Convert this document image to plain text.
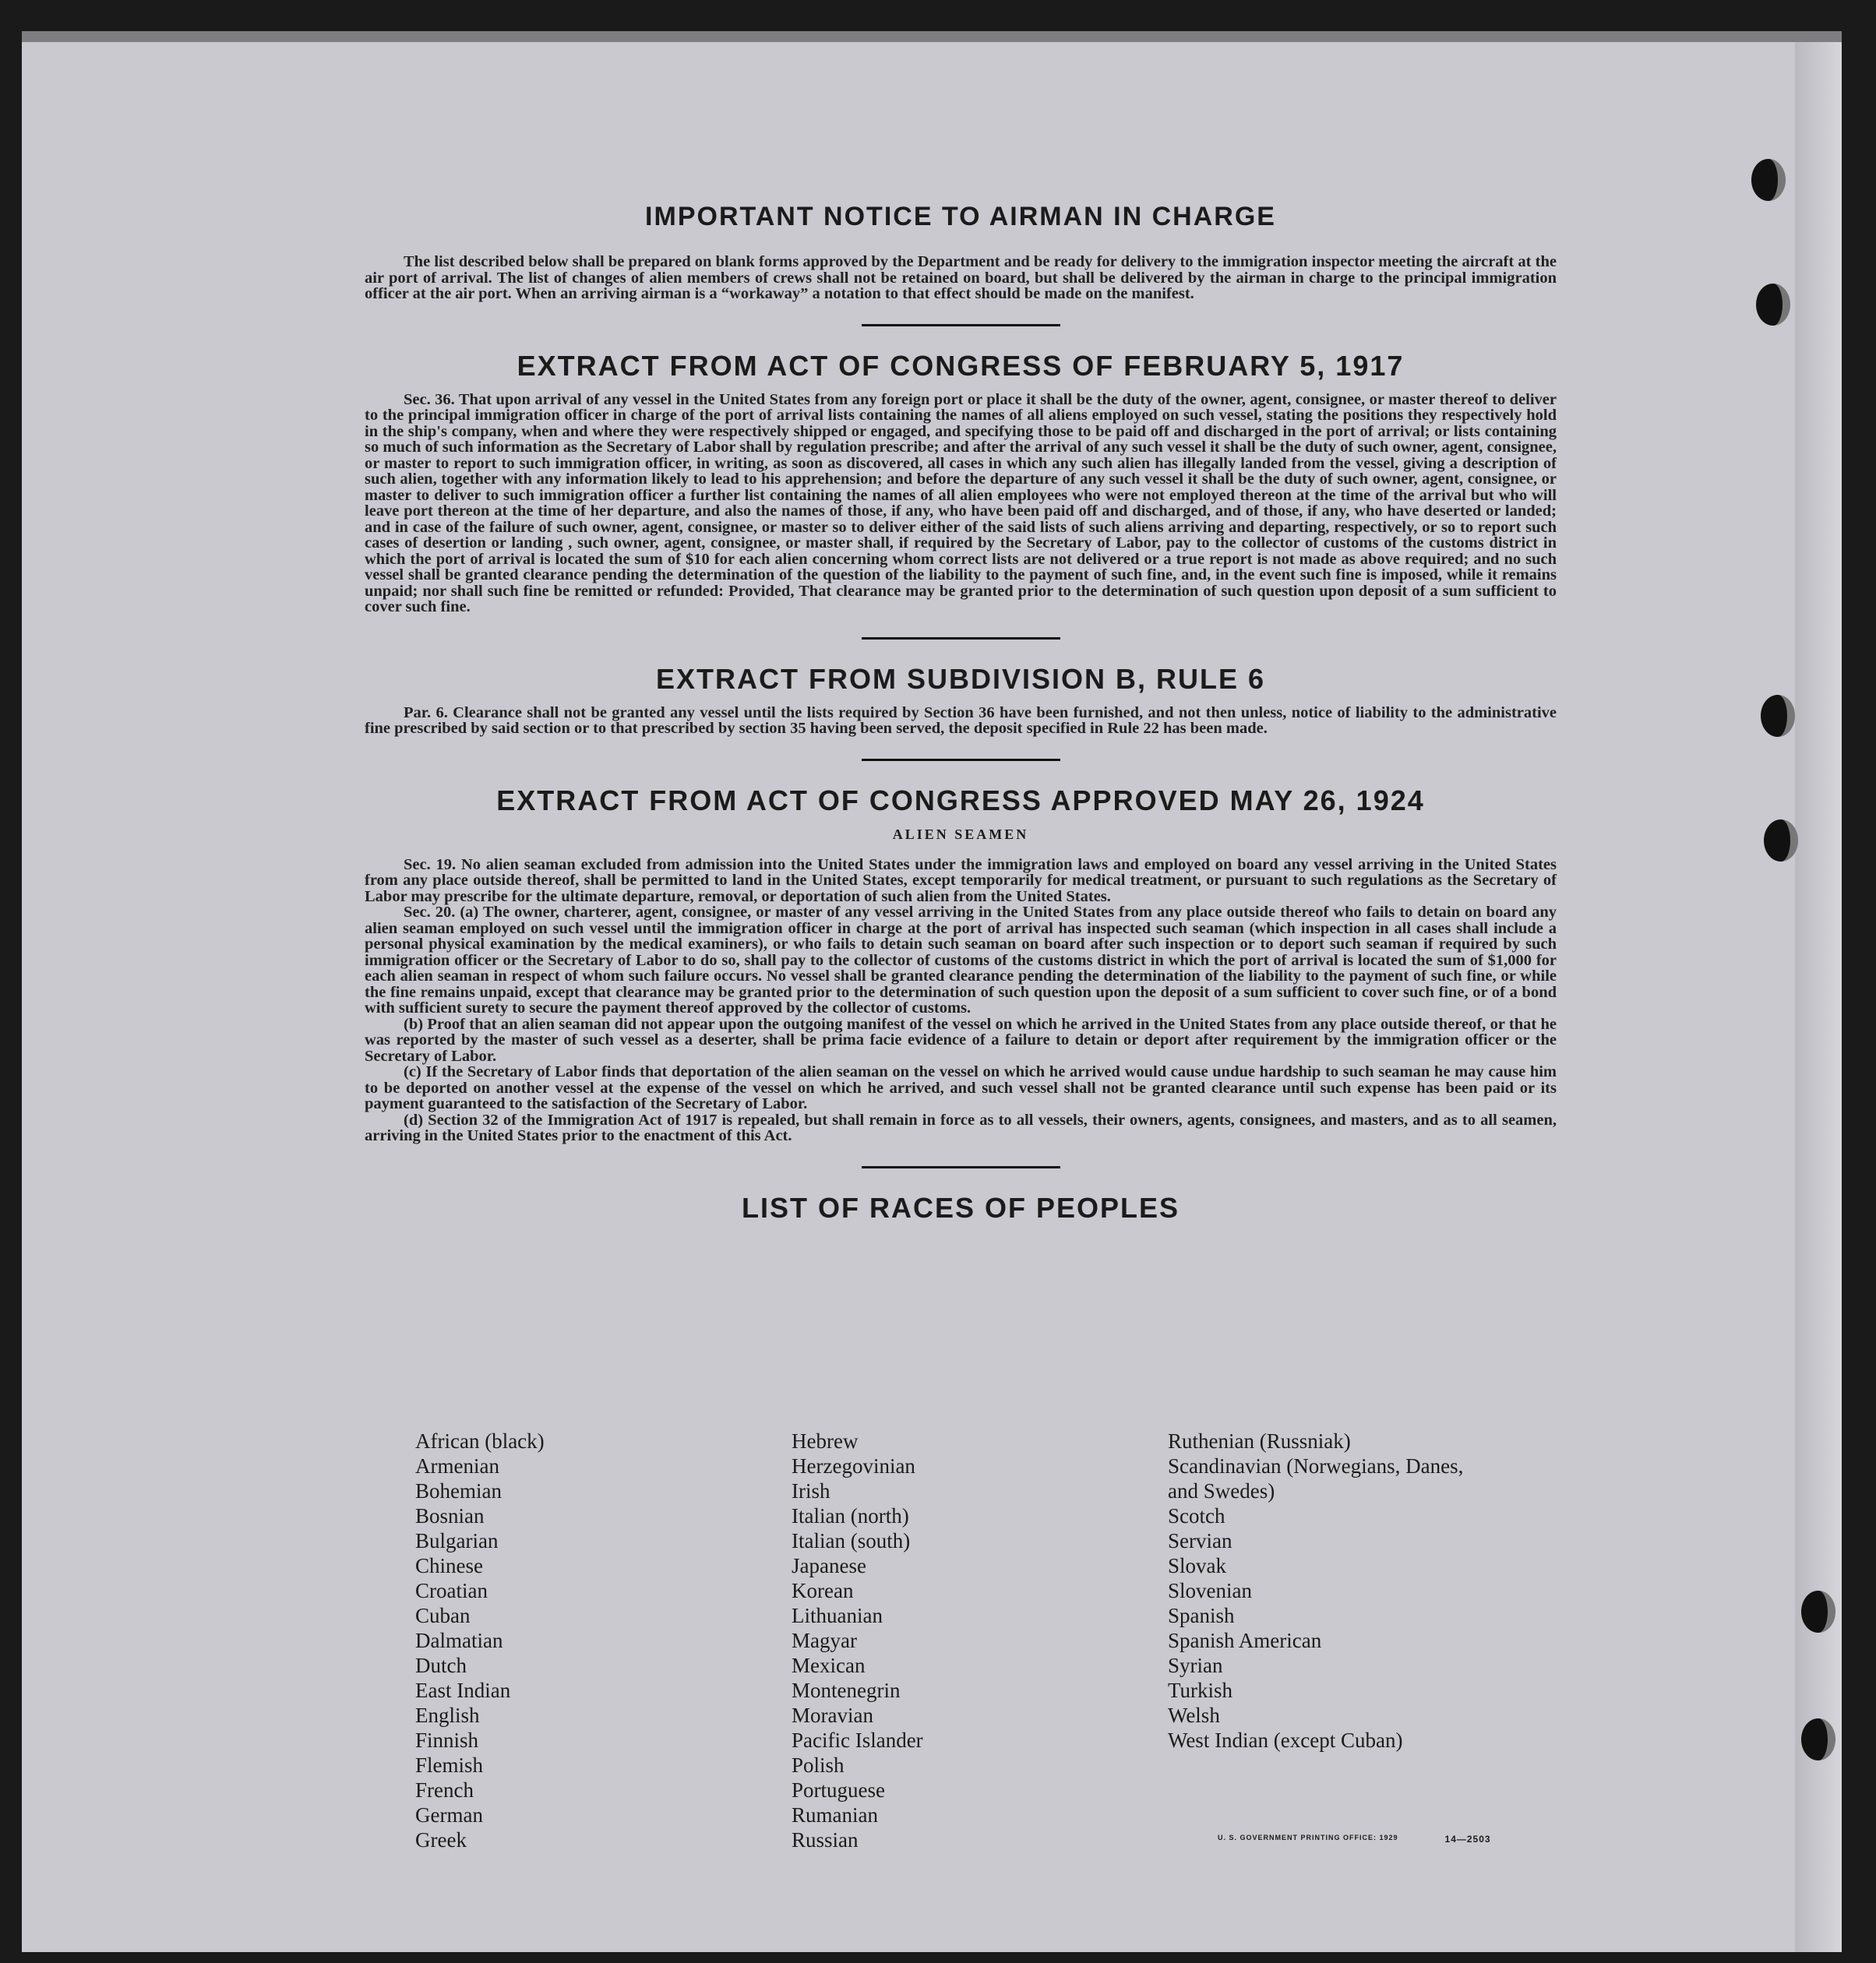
IMPORTANT NOTICE TO AIRMAN IN CHARGE

The list described below shall be prepared on blank forms approved by the Department and be ready for delivery to the immigration inspector meeting the aircraft at the air port of arrival. The list of changes of alien members of crews shall not be retained on board, but shall be delivered by the airman in charge to the principal immigration officer at the air port. When an arriving airman is a “workaway” a notation to that effect should be made on the manifest.

EXTRACT FROM ACT OF CONGRESS OF FEBRUARY 5, 1917

Sec. 36. That upon arrival of any vessel in the United States from any foreign port or place it shall be the duty of the owner, agent, consignee, or master thereof to deliver to the principal immigration officer in charge of the port of arrival lists containing the names of all aliens employed on such vessel, stating the positions they respectively hold in the ship's company, when and where they were respectively shipped or engaged, and specifying those to be paid off and discharged in the port of arrival; or lists containing so much of such information as the Secretary of Labor shall by regulation prescribe; and after the arrival of any such vessel it shall be the duty of such owner, agent, consignee, or master to report to such immigration officer, in writing, as soon as discovered, all cases in which any such alien has illegally landed from the vessel, giving a description of such alien, together with any information likely to lead to his apprehension; and before the departure of any such vessel it shall be the duty of such owner, agent, consignee, or master to deliver to such immigration officer a further list containing the names of all alien employees who were not employed thereon at the time of the arrival but who will leave port thereon at the time of her departure, and also the names of those, if any, who have been paid off and discharged, and of those, if any, who have deserted or landed; and in case of the failure of such owner, agent, consignee, or master so to deliver either of the said lists of such aliens arriving and departing, respectively, or so to report such cases of desertion or landing , such owner, agent, consignee, or master shall, if required by the Secretary of Labor, pay to the collector of customs of the customs district in which the port of arrival is located the sum of $10 for each alien concerning whom correct lists are not delivered or a true report is not made as above required; and no such vessel shall be granted clearance pending the determination of the question of the liability to the payment of such fine, and, in the event such fine is imposed, while it remains unpaid; nor shall such fine be remitted or refunded: Provided, That clearance may be granted prior to the determination of such question upon deposit of a sum sufficient to cover such fine.

EXTRACT FROM SUBDIVISION B, RULE 6

Par. 6. Clearance shall not be granted any vessel until the lists required by Section 36 have been furnished, and not then unless, notice of liability to the administrative fine prescribed by said section or to that prescribed by section 35 having been served, the deposit specified in Rule 22 has been made.

EXTRACT FROM ACT OF CONGRESS APPROVED MAY 26, 1924
ALIEN SEAMEN

Sec. 19. No alien seaman excluded from admission into the United States under the immigration laws and employed on board any vessel arriving in the United States from any place outside thereof, shall be permitted to land in the United States, except temporarily for medical treatment, or pursuant to such regulations as the Secretary of Labor may prescribe for the ultimate departure, removal, or deportation of such alien from the United States.

Sec. 20. (a) The owner, charterer, agent, consignee, or master of any vessel arriving in the United States from any place outside thereof who fails to detain on board any alien seaman employed on such vessel until the immigration officer in charge at the port of arrival has inspected such seaman (which inspection in all cases shall include a personal physical examination by the medical examiners), or who fails to detain such seaman on board after such inspection or to deport such seaman if required by such immigration officer or the Secretary of Labor to do so, shall pay to the collector of customs of the customs district in which the port of arrival is located the sum of $1,000 for each alien seaman in respect of whom such failure occurs. No vessel shall be granted clearance pending the determination of the liability to the payment of such fine, or while the fine remains unpaid, except that clearance may be granted prior to the determination of such question upon the deposit of a sum sufficient to cover such fine, or of a bond with sufficient surety to secure the payment thereof approved by the collector of customs.

(b) Proof that an alien seaman did not appear upon the outgoing manifest of the vessel on which he arrived in the United States from any place outside thereof, or that he was reported by the master of such vessel as a deserter, shall be prima facie evidence of a failure to detain or deport after requirement by the immigration officer or the Secretary of Labor.

(c) If the Secretary of Labor finds that deportation of the alien seaman on the vessel on which he arrived would cause undue hardship to such seaman he may cause him to be deported on another vessel at the expense of the vessel on which he arrived, and such vessel shall not be granted clearance until such expense has been paid or its payment guaranteed to the satisfaction of the Secretary of Labor.

(d) Section 32 of the Immigration Act of 1917 is repealed, but shall remain in force as to all vessels, their owners, agents, consignees, and masters, and as to all seamen, arriving in the United States prior to the enactment of this Act.

LIST OF RACES OF PEOPLES
African (black)
Armenian
Bohemian
Bosnian
Bulgarian
Chinese
Croatian
Cuban
Dalmatian
Dutch
East Indian
English
Finnish
Flemish
French
German
Greek
Hebrew
Herzegovinian
Irish
Italian (north)
Italian (south)
Japanese
Korean
Lithuanian
Magyar
Mexican
Montenegrin
Moravian
Pacific Islander
Polish
Portuguese
Rumanian
Russian
Ruthenian (Russniak)
Scandinavian (Norwegians, Danes,
and Swedes)
Scotch
Servian
Slovak
Slovenian
Spanish
Spanish American
Syrian
Turkish
Welsh
West Indian (except Cuban)
U. S. GOVERNMENT PRINTING OFFICE: 1929	14—2503
